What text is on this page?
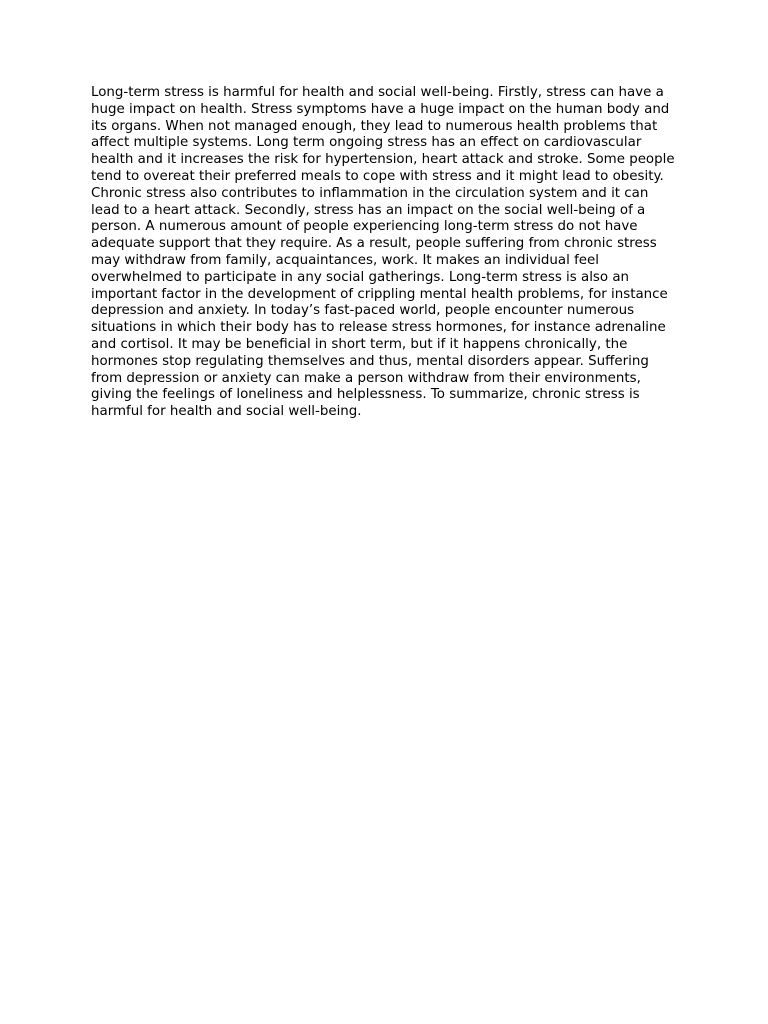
Long-term stress is harmful for health and social well-being. Firstly, stress can have a huge impact on health. Stress symptoms have a huge impact on the human body and its organs. When not managed enough, they lead to numerous health problems that affect multiple systems. Long term ongoing stress has an effect on cardiovascular health and it increases the risk for hypertension, heart attack and stroke. Some people tend to overeat their preferred meals to cope with stress and it might lead to obesity. Chronic stress also contributes to inflammation in the circulation system and it can lead to a heart attack. Secondly, stress has an impact on the social well-being of a person. A numerous amount of people experiencing long-term stress do not have adequate support that they require. As a result, people suffering from chronic stress may withdraw from family, acquaintances, work. It makes an individual feel overwhelmed to participate in any social gatherings. Long-term stress is also an important factor in the development of crippling mental health problems, for instance depression and anxiety. In today’s fast-paced world, people encounter numerous situations in which their body has to release stress hormones, for instance adrenaline and cortisol. It may be beneficial in short term, but if it happens chronically, the hormones stop regulating themselves and thus, mental disorders appear. Suffering from depression or anxiety can make a person withdraw from their environments, giving the feelings of loneliness and helplessness. To summarize, chronic stress is harmful for health and social well-being.
